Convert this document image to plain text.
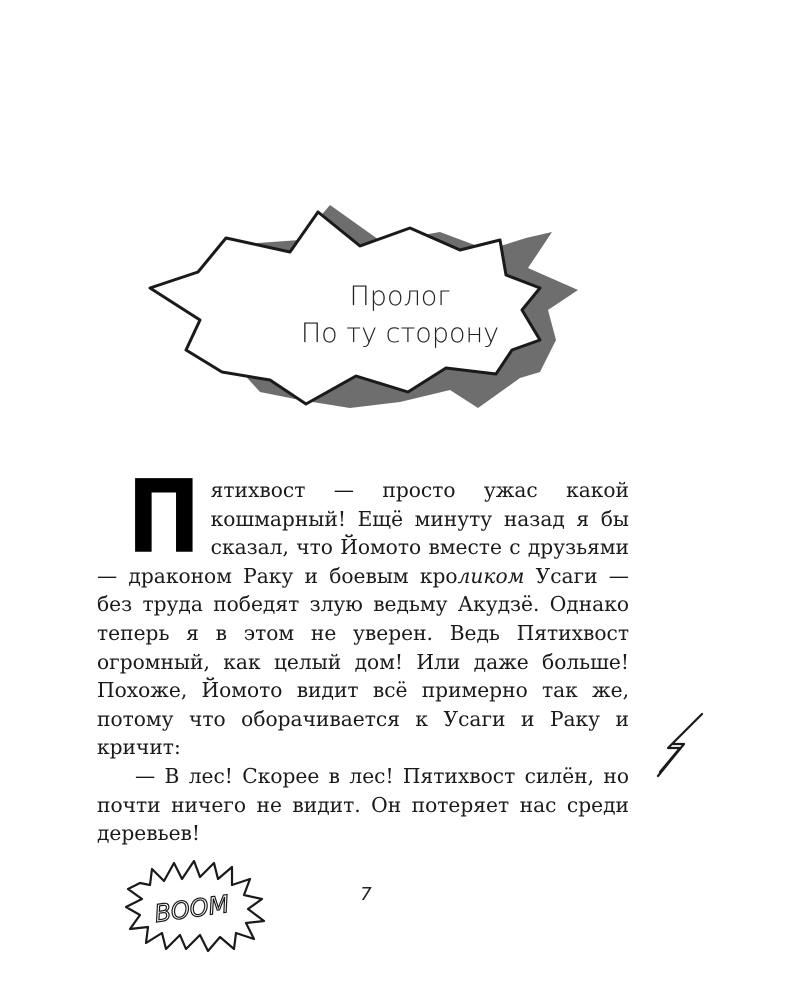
Пролог
По ту сторону

Пятихвост — просто ужас какой кошмарный! Ещё минуту назад я бы сказал, что Йомото вместе с друзьями — драконом Раку и боевым кроликом Усаги — без труда победят злую ведьму Акудзё. Однако теперь я в этом не уверен. Ведь Пятихвост огромный, как целый дом! Или даже больше! Похоже, Йомото видит всё примерно так же, потому что оборачивается к Усаги и Раку и кричит:

— В лес! Скорее в лес! Пятихвост силён, но почти ничего не видит. Он потеряет нас среди деревьев!

BOOM	7
